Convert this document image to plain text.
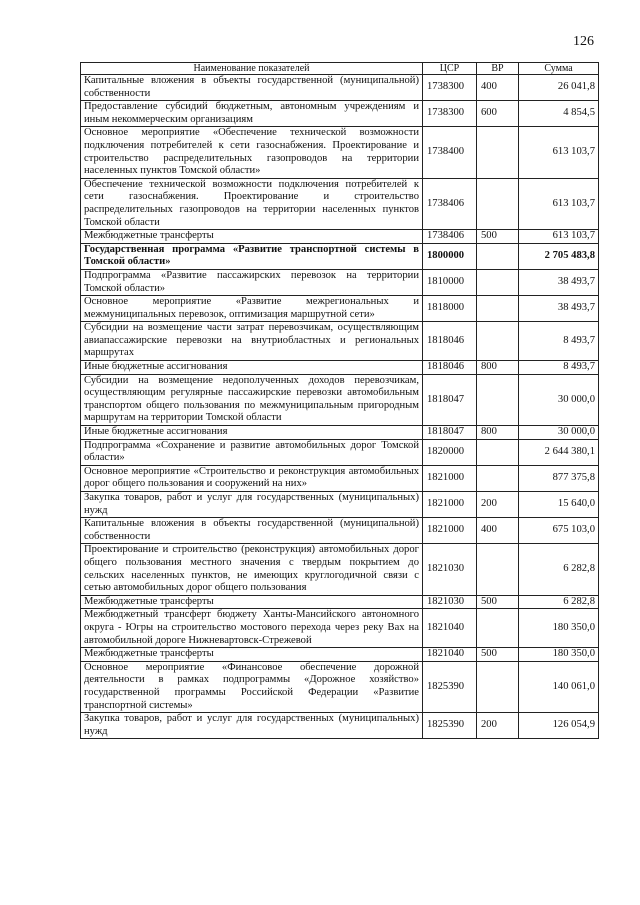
126
Наименование показателей	ЦСР	ВР	Сумма
Капитальные вложения в объекты государственной (муниципальной) собственности	1738300	400	26 041,8
Предоставление субсидий бюджетным, автономным учреждениям и иным некоммерческим организациям	1738300	600	4 854,5
Основное мероприятие «Обеспечение технической возможности подключения потребителей к сети газоснабжения. Проектирование и строительство распределительных газопроводов на территории населенных пунктов Томской области»	1738400		613 103,7
Обеспечение технической возможности подключения потребителей к сети газоснабжения. Проектирование и строительство распределительных газопроводов на территории населенных пунктов Томской области	1738406		613 103,7
Межбюджетные трансферты	1738406	500	613 103,7
Государственная программа «Развитие транспортной системы в Томской области»	1800000		2 705 483,8
Подпрограмма «Развитие пассажирских перевозок на территории Томской области»	1810000		38 493,7
Основное мероприятие «Развитие межрегиональных и межмуниципальных перевозок, оптимизация маршрутной сети»	1818000		38 493,7
Субсидии на возмещение части затрат перевозчикам, осуществляющим авиапассажирские перевозки на внутриобластных и региональных маршрутах	1818046		8 493,7
Иные бюджетные ассигнования	1818046	800	8 493,7
Субсидии на возмещение недополученных доходов перевозчикам, осуществляющим регулярные пассажирские перевозки автомобильным транспортом общего пользования по межмуниципальным пригородным маршрутам на территории Томской области	1818047		30 000,0
Иные бюджетные ассигнования	1818047	800	30 000,0
Подпрограмма «Сохранение и развитие автомобильных дорог Томской области»	1820000		2 644 380,1
Основное мероприятие «Строительство и реконструкция автомобильных дорог общего пользования и сооружений на них»	1821000		877 375,8
Закупка товаров, работ и услуг для государственных (муниципальных) нужд	1821000	200	15 640,0
Капитальные вложения в объекты государственной (муниципальной) собственности	1821000	400	675 103,0
Проектирование и строительство (реконструкция) автомобильных дорог общего пользования местного значения с твердым покрытием до сельских населенных пунктов, не имеющих круглогодичной связи с сетью автомобильных дорог общего пользования	1821030		6 282,8
Межбюджетные трансферты	1821030	500	6 282,8
Межбюджетный трансферт бюджету Ханты-Мансийского автономного округа - Югры на строительство мостового перехода через реку Вах на автомобильной дороге Нижневартовск-Стрежевой	1821040		180 350,0
Межбюджетные трансферты	1821040	500	180 350,0
Основное мероприятие «Финансовое обеспечение дорожной деятельности в рамках подпрограммы «Дорожное хозяйство» государственной программы Российской Федерации «Развитие транспортной системы»	1825390		140 061,0
Закупка товаров, работ и услуг для государственных (муниципальных) нужд	1825390	200	126 054,9
